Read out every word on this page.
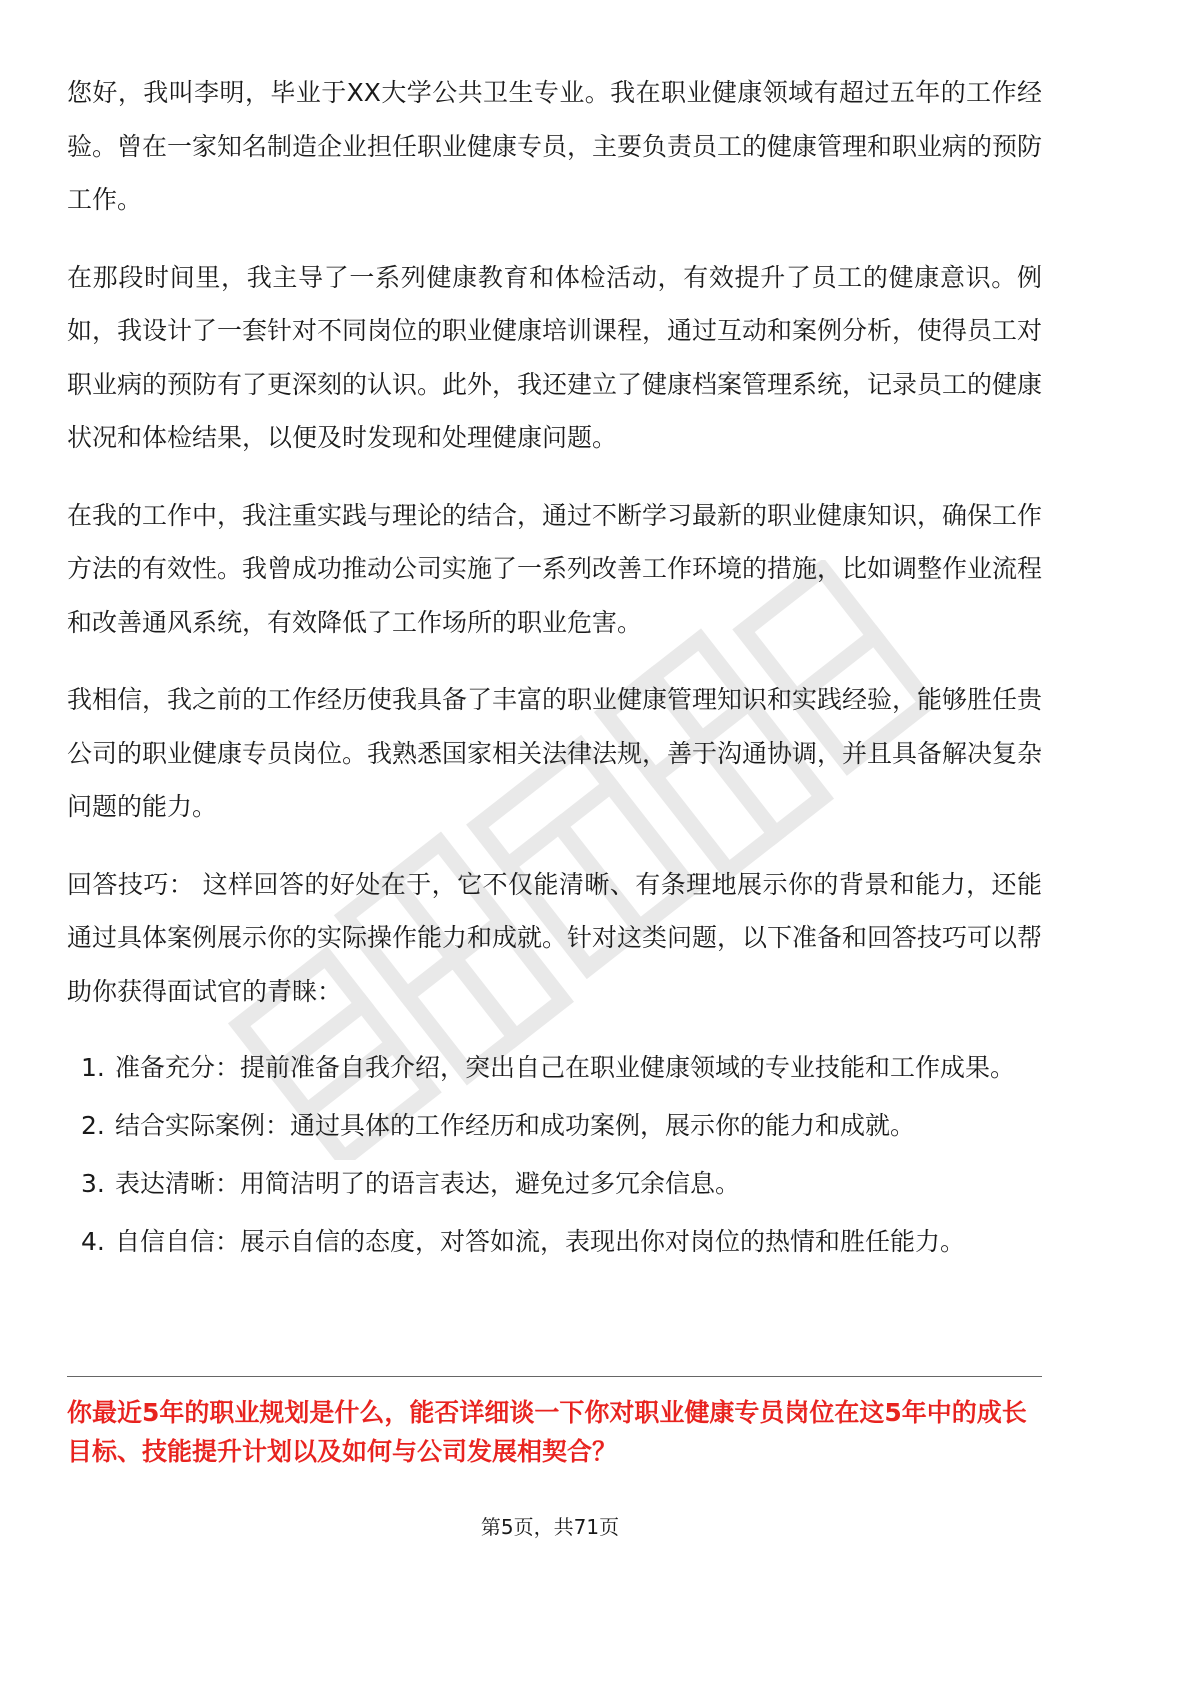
您好，我叫李明，毕业于XX大学公共卫生专业。我在职业健康领域有超过五年的工作经验。曾在一家知名制造企业担任职业健康专员，主要负责员工的健康管理和职业病的预防工作。

在那段时间里，我主导了一系列健康教育和体检活动，有效提升了员工的健康意识。例如，我设计了一套针对不同岗位的职业健康培训课程，通过互动和案例分析，使得员工对职业病的预防有了更深刻的认识。此外，我还建立了健康档案管理系统，记录员工的健康状况和体检结果，以便及时发现和处理健康问题。

在我的工作中，我注重实践与理论的结合，通过不断学习最新的职业健康知识，确保工作方法的有效性。我曾成功推动公司实施了一系列改善工作环境的措施，比如调整作业流程和改善通风系统，有效降低了工作场所的职业危害。

我相信，我之前的工作经历使我具备了丰富的职业健康管理知识和实践经验，能够胜任贵公司的职业健康专员岗位。我熟悉国家相关法律法规，善于沟通协调，并且具备解决复杂问题的能力。

回答技巧： 这样回答的好处在于，它不仅能清晰、有条理地展示你的背景和能力，还能通过具体案例展示你的实际操作能力和成就。针对这类问题，以下准备和回答技巧可以帮助你获得面试官的青睐：

1. 准备充分：提前准备自我介绍，突出自己在职业健康领域的专业技能和工作成果。
2. 结合实际案例：通过具体的工作经历和成功案例，展示你的能力和成就。
3. 表达清晰：用简洁明了的语言表达，避免过多冗余信息。
4. 自信自信：展示自信的态度，对答如流，表现出你对岗位的热情和胜任能力。

你最近5年的职业规划是什么，能否详细谈一下你对职业健康专员岗位在这5年中的成长目标、技能提升计划以及如何与公司发展相契合？

第5页，共71页
